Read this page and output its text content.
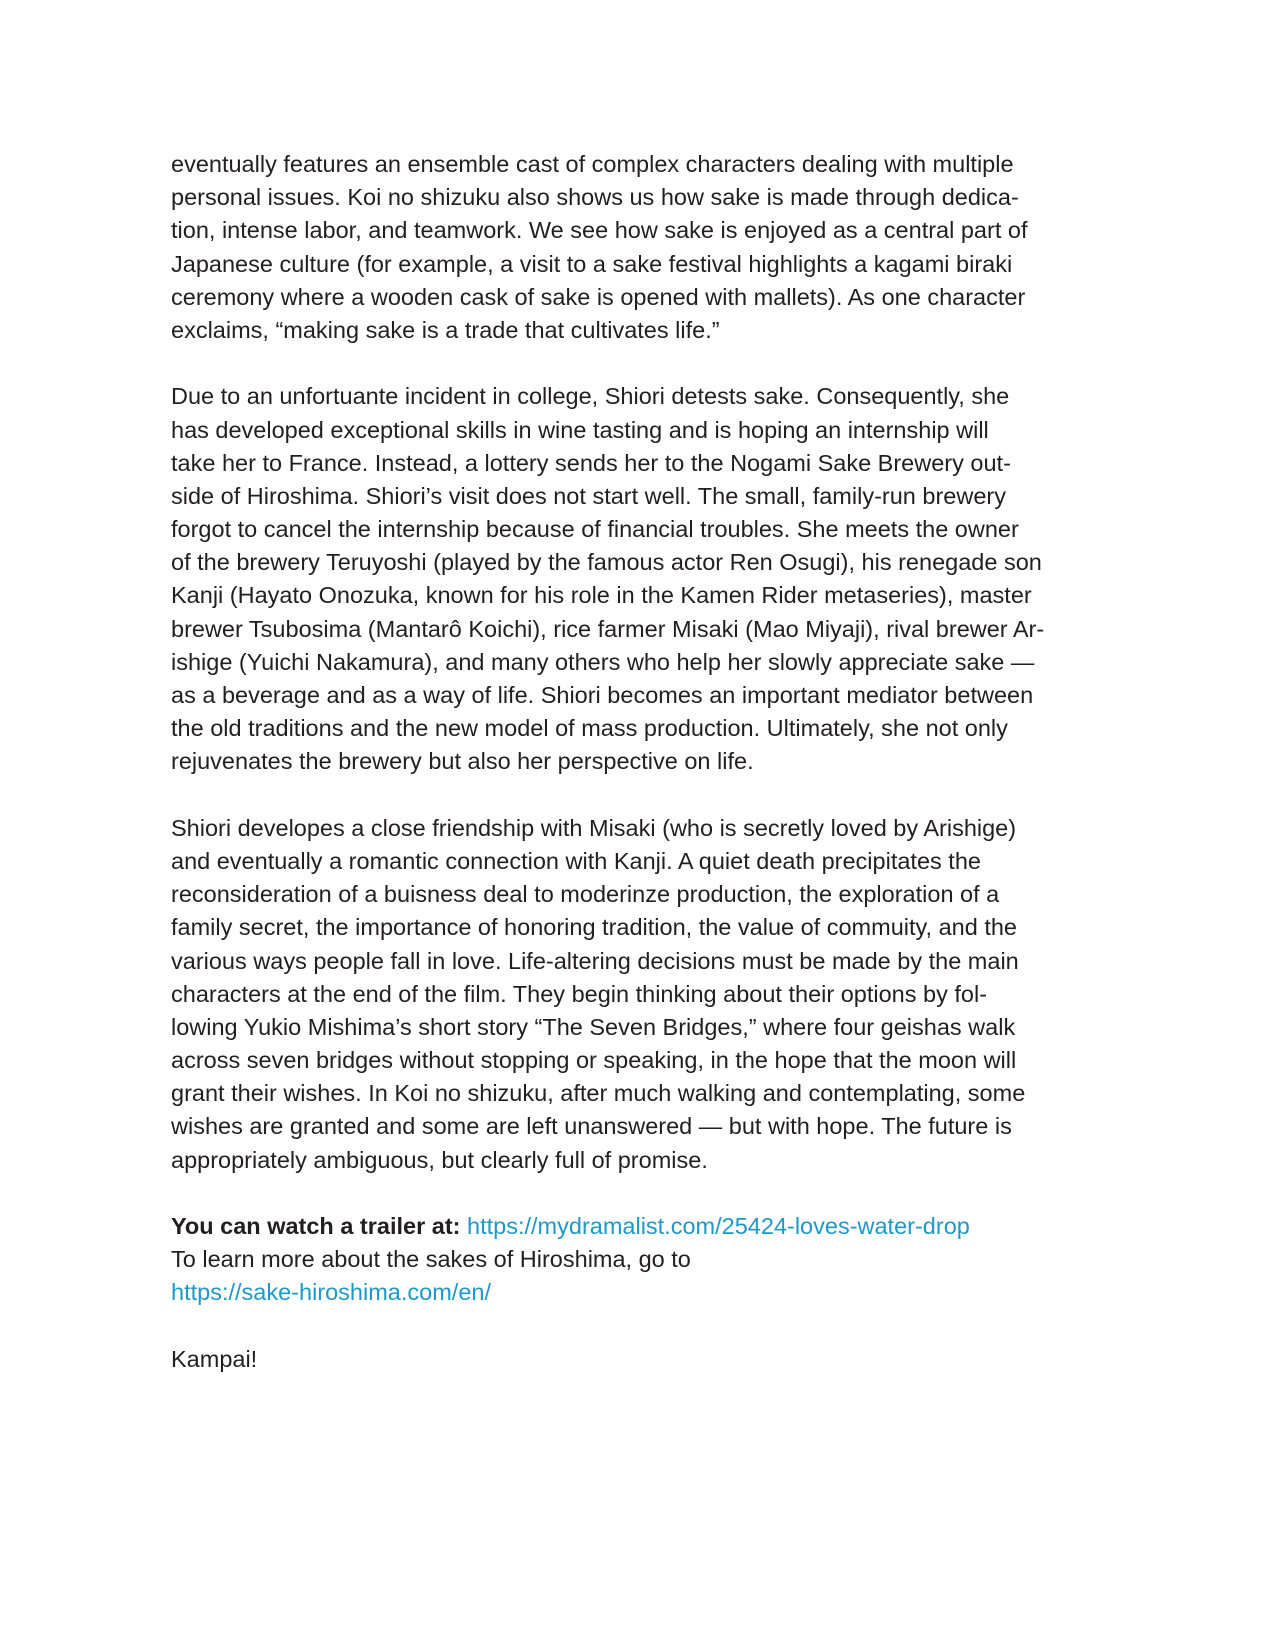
eventually features an ensemble cast of complex characters dealing with multiple
personal issues. Koi no shizuku also shows us how sake is made through dedica-
tion, intense labor, and teamwork. We see how sake is enjoyed as a central part of
Japanese culture (for example, a visit to a sake festival highlights a kagami biraki
ceremony where a wooden cask of sake is opened with mallets). As one character
exclaims, “making sake is a trade that cultivates life.”
Due to an unfortuante incident in college, Shiori detests sake. Consequently, she
has developed exceptional skills in wine tasting and is hoping an internship will
take her to France. Instead, a lottery sends her to the Nogami Sake Brewery out-
side of Hiroshima. Shiori’s visit does not start well. The small, family-run brewery
forgot to cancel the internship because of financial troubles. She meets the owner
of the brewery Teruyoshi (played by the famous actor Ren Osugi), his renegade son
Kanji (Hayato Onozuka, known for his role in the Kamen Rider metaseries), master
brewer Tsubosima (Mantarô Koichi), rice farmer Misaki (Mao Miyaji), rival brewer Ar-
ishige (Yuichi Nakamura), and many others who help her slowly appreciate sake —
as a beverage and as a way of life. Shiori becomes an important mediator between
the old traditions and the new model of mass production. Ultimately, she not only
rejuvenates the brewery but also her perspective on life.
Shiori developes a close friendship with Misaki (who is secretly loved by Arishige)
and eventually a romantic connection with Kanji. A quiet death precipitates the
reconsideration of a buisness deal to moderinze production, the exploration of a
family secret, the importance of honoring tradition, the value of commuity, and the
various ways people fall in love. Life-altering decisions must be made by the main
characters at the end of the film. They begin thinking about their options by fol-
lowing Yukio Mishima’s short story “The Seven Bridges,” where four geishas walk
across seven bridges without stopping or speaking, in the hope that the moon will
grant their wishes. In Koi no shizuku, after much walking and contemplating, some
wishes are granted and some are left unanswered — but with hope. The future is
appropriately ambiguous, but clearly full of promise.
You can watch a trailer at: https://mydramalist.com/25424-loves-water-drop
To learn more about the sakes of Hiroshima, go to
https://sake-hiroshima.com/en/
Kampai!
